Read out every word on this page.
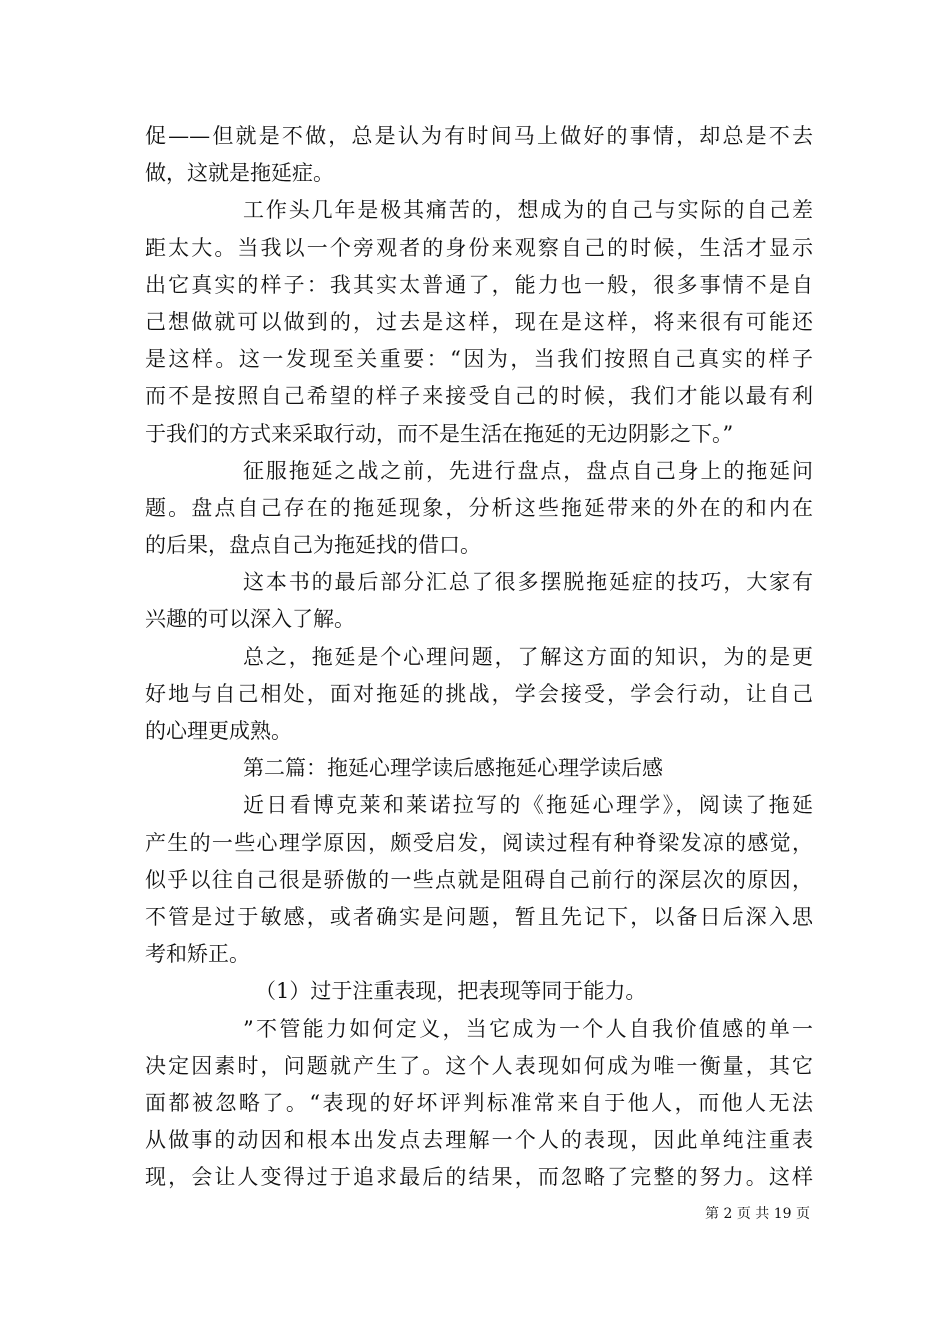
促——但就是不做，总是认为有时间马上做好的事情，却总是不去
做，这就是拖延症。
工作头几年是极其痛苦的，想成为的自己与实际的自己差
距太大。当我以一个旁观者的身份来观察自己的时候，生活才显示
出它真实的样子：我其实太普通了，能力也一般，很多事情不是自
己想做就可以做到的，过去是这样，现在是这样，将来很有可能还
是这样。这一发现至关重要：“因为，当我们按照自己真实的样子
而不是按照自己希望的样子来接受自己的时候，我们才能以最有利
于我们的方式来采取行动，而不是生活在拖延的无边阴影之下。”
征服拖延之战之前，先进行盘点，盘点自己身上的拖延问
题。盘点自己存在的拖延现象，分析这些拖延带来的外在的和内在
的后果，盘点自己为拖延找的借口。
这本书的最后部分汇总了很多摆脱拖延症的技巧，大家有
兴趣的可以深入了解。
总之，拖延是个心理问题，了解这方面的知识，为的是更
好地与自己相处，面对拖延的挑战，学会接受，学会行动，让自己
的心理更成熟。
第二篇：拖延心理学读后感拖延心理学读后感
近日看博克莱和莱诺拉写的《拖延心理学》，阅读了拖延
产生的一些心理学原因，颇受启发，阅读过程有种脊梁发凉的感觉，
似乎以往自己很是骄傲的一些点就是阻碍自己前行的深层次的原因，
不管是过于敏感，或者确实是问题，暂且先记下，以备日后深入思
考和矫正。
（1）过于注重表现，把表现等同于能力。
”不管能力如何定义，当它成为一个人自我价值感的单一
决定因素时，问题就产生了。这个人表现如何成为唯一衡量，其它
面都被忽略了。“表现的好坏评判标准常来自于他人，而他人无法
从做事的动因和根本出发点去理解一个人的表现，因此单纯注重表
现，会让人变得过于追求最后的结果，而忽略了完整的努力。这样
第 2 页 共 19 页
